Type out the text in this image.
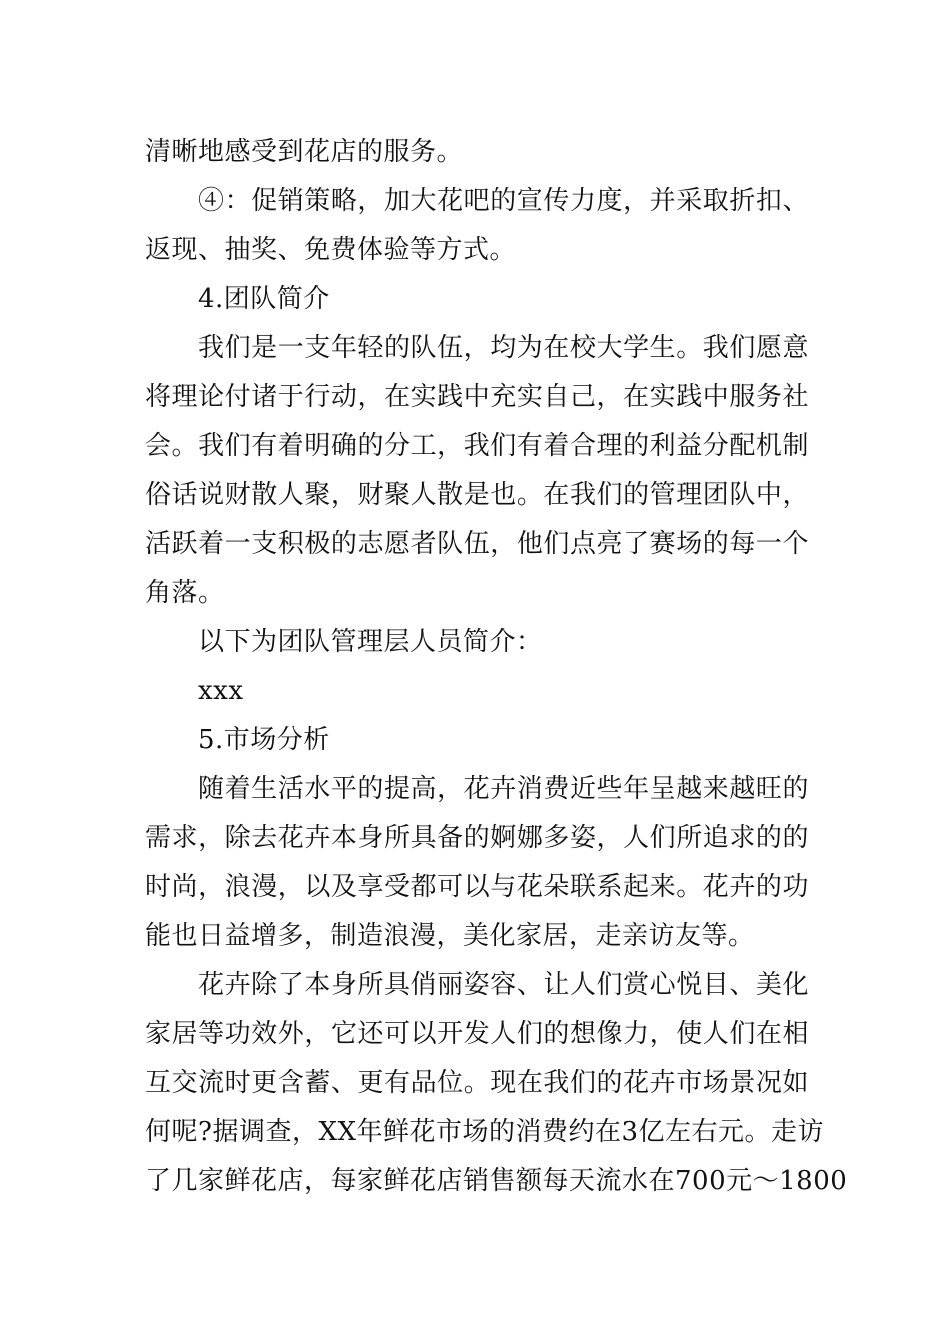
清晰地感受到花店的服务。
④：促销策略，加大花吧的宣传力度，并采取折扣、
返现、抽奖、免费体验等方式。
4.团队简介
我们是一支年轻的队伍，均为在校大学生。我们愿意
将理论付诸于行动，在实践中充实自己，在实践中服务社
会。我们有着明确的分工，我们有着合理的利益分配机制
俗话说财散人聚，财聚人散是也。在我们的管理团队中，
活跃着一支积极的志愿者队伍，他们点亮了赛场的每一个
角落。
以下为团队管理层人员简介：
xxx
5.市场分析
随着生活水平的提高，花卉消费近些年呈越来越旺的
需求，除去花卉本身所具备的婀娜多姿，人们所追求的的
时尚，浪漫，以及享受都可以与花朵联系起来。花卉的功
能也日益增多，制造浪漫，美化家居，走亲访友等。
花卉除了本身所具俏丽姿容、让人们赏心悦目、美化
家居等功效外，它还可以开发人们的想像力，使人们在相
互交流时更含蓄、更有品位。现在我们的花卉市场景况如
何呢?据调查，XX年鲜花市场的消费约在3亿左右元。走访
了几家鲜花店，每家鲜花店销售额每天流水在700元～1800
